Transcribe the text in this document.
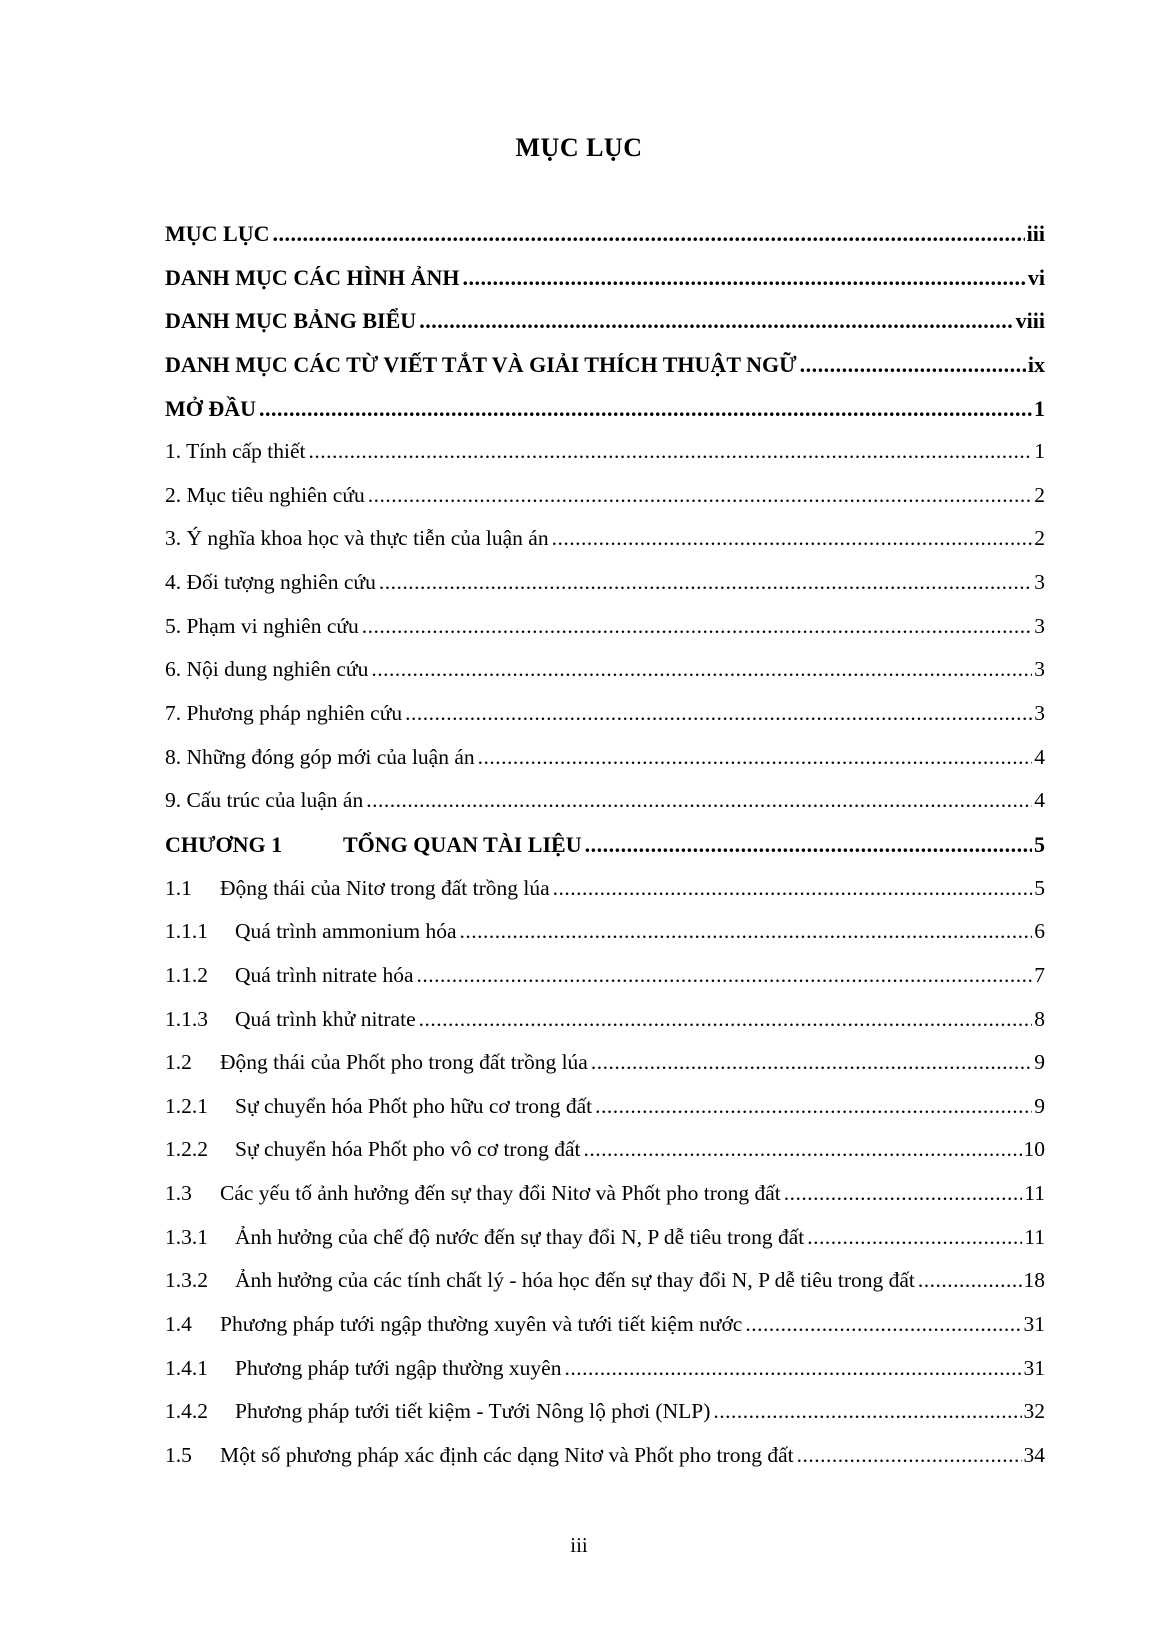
MỤC LỤC
MỤC LỤC .....	iii
DANH MỤC CÁC HÌNH ẢNH .....	vi
DANH MỤC BẢNG BIỂU .....	viii
DANH MỤC CÁC TỪ VIẾT TẮT VÀ GIẢI THÍCH THUẬT NGỮ .....	ix
MỞ ĐẦU .....	1
1. Tính cấp thiết .....	1
2. Mục tiêu nghiên cứu .....	2
3. Ý nghĩa khoa học và thực tiễn của luận án .....	2
4. Đối tượng nghiên cứu .....	3
5. Phạm vi nghiên cứu .....	3
6. Nội dung nghiên cứu .....	3
7. Phương pháp nghiên cứu .....	3
8. Những đóng góp mới của luận án .....	4
9. Cấu trúc của luận án .....	4
CHƯƠNG 1	TỔNG QUAN TÀI LIỆU .....	5
1.1	Động thái của Nitơ trong đất trồng lúa .....	5
1.1.1	Quá trình ammonium hóa .....	6
1.1.2	Quá trình nitrate hóa .....	7
1.1.3	Quá trình khử nitrate .....	8
1.2	Động thái của Phốt pho trong đất trồng lúa .....	9
1.2.1	Sự chuyển hóa Phốt pho hữu cơ trong đất .....	9
1.2.2	Sự chuyển hóa Phốt pho vô cơ trong đất .....	10
1.3	Các yếu tố ảnh hưởng đến sự thay đổi Nitơ và Phốt pho trong đất .....	11
1.3.1	Ảnh hưởng của chế độ nước đến sự thay đổi N, P dễ tiêu trong đất .....	11
1.3.2	Ảnh hưởng của các tính chất lý - hóa học đến sự thay đổi N, P dễ tiêu trong đất .....	18
1.4	Phương pháp tưới ngập thường xuyên và tưới tiết kiệm nước .....	31
1.4.1	Phương pháp tưới ngập thường xuyên .....	31
1.4.2	Phương pháp tưới tiết kiệm - Tưới Nông lộ phơi (NLP) .....	32
1.5	Một số phương pháp xác định các dạng Nitơ và Phốt pho trong đất .....	34
iii
